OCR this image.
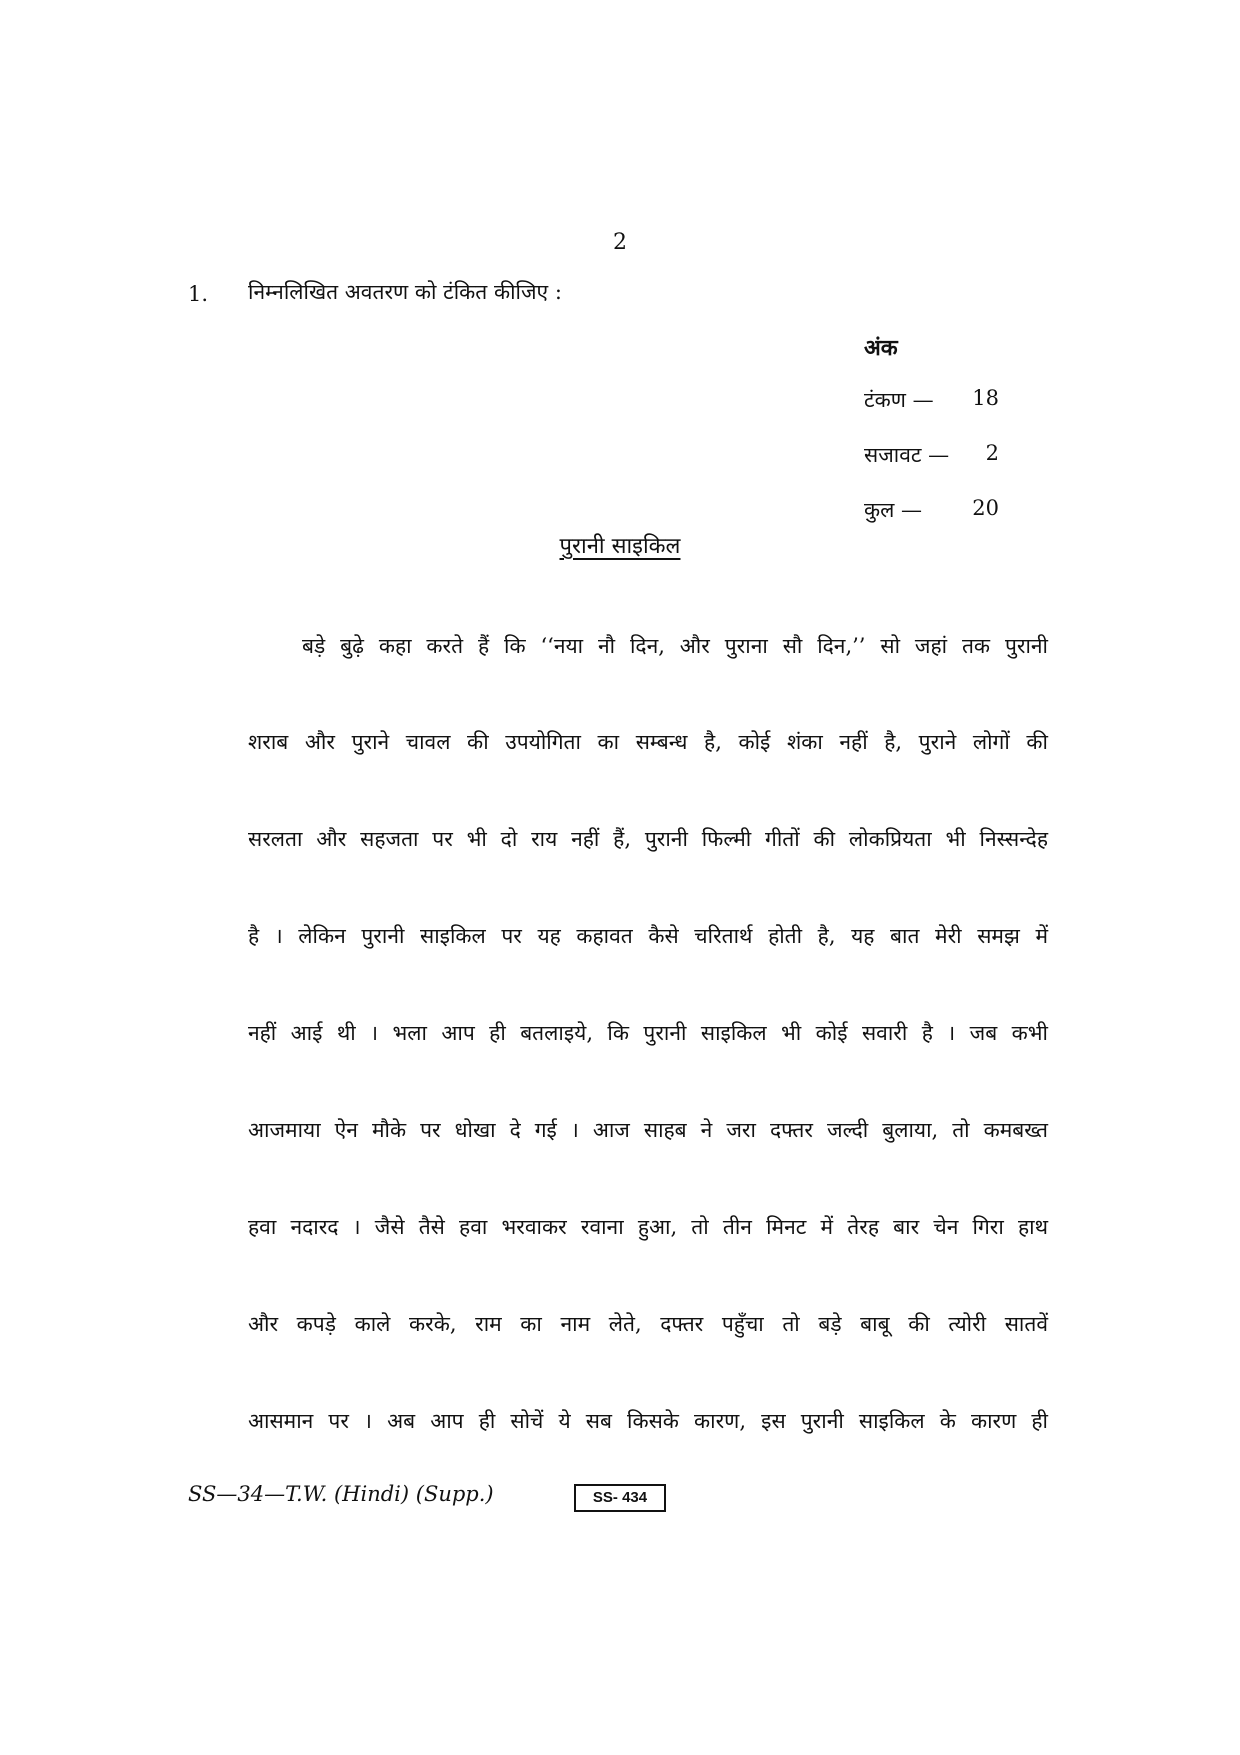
2
1. निम्नलिखित अवतरण को टंकित कीजिए :
अंक
टंकण — 18
सजावट — 2
कुल — 20
पुरानी साइकिल
बड़े बुढ़े कहा करते हैं कि ‘‘नया नौ दिन, और पुराना सौ दिन,’’ सो जहां तक पुरानी
शराब और पुराने चावल की उपयोगिता का सम्बन्ध है, कोई शंका नहीं है, पुराने लोगों की
सरलता और सहजता पर भी दो राय नहीं हैं, पुरानी फिल्मी गीतों की लोकप्रियता भी निस्सन्देह
है । लेकिन पुरानी साइकिल पर यह कहावत कैसे चरितार्थ होती है, यह बात मेरी समझ में
नहीं आई थी । भला आप ही बतलाइये, कि पुरानी साइकिल भी कोई सवारी है । जब कभी
आजमाया ऐन मौके पर धोखा दे गई । आज साहब ने जरा दफ्तर जल्दी बुलाया, तो कमबख्त
हवा नदारद । जैसे तैसे हवा भरवाकर रवाना हुआ, तो तीन मिनट में तेरह बार चेन गिरा हाथ
और कपड़े काले करके, राम का नाम लेते, दफ्तर पहुँचा तो बड़े बाबू की त्योरी सातवें
आसमान पर । अब आप ही सोचें ये सब किसके कारण, इस पुरानी साइकिल के कारण ही
SS—34—T.W. (Hindi) (Supp.)	SS- 434
